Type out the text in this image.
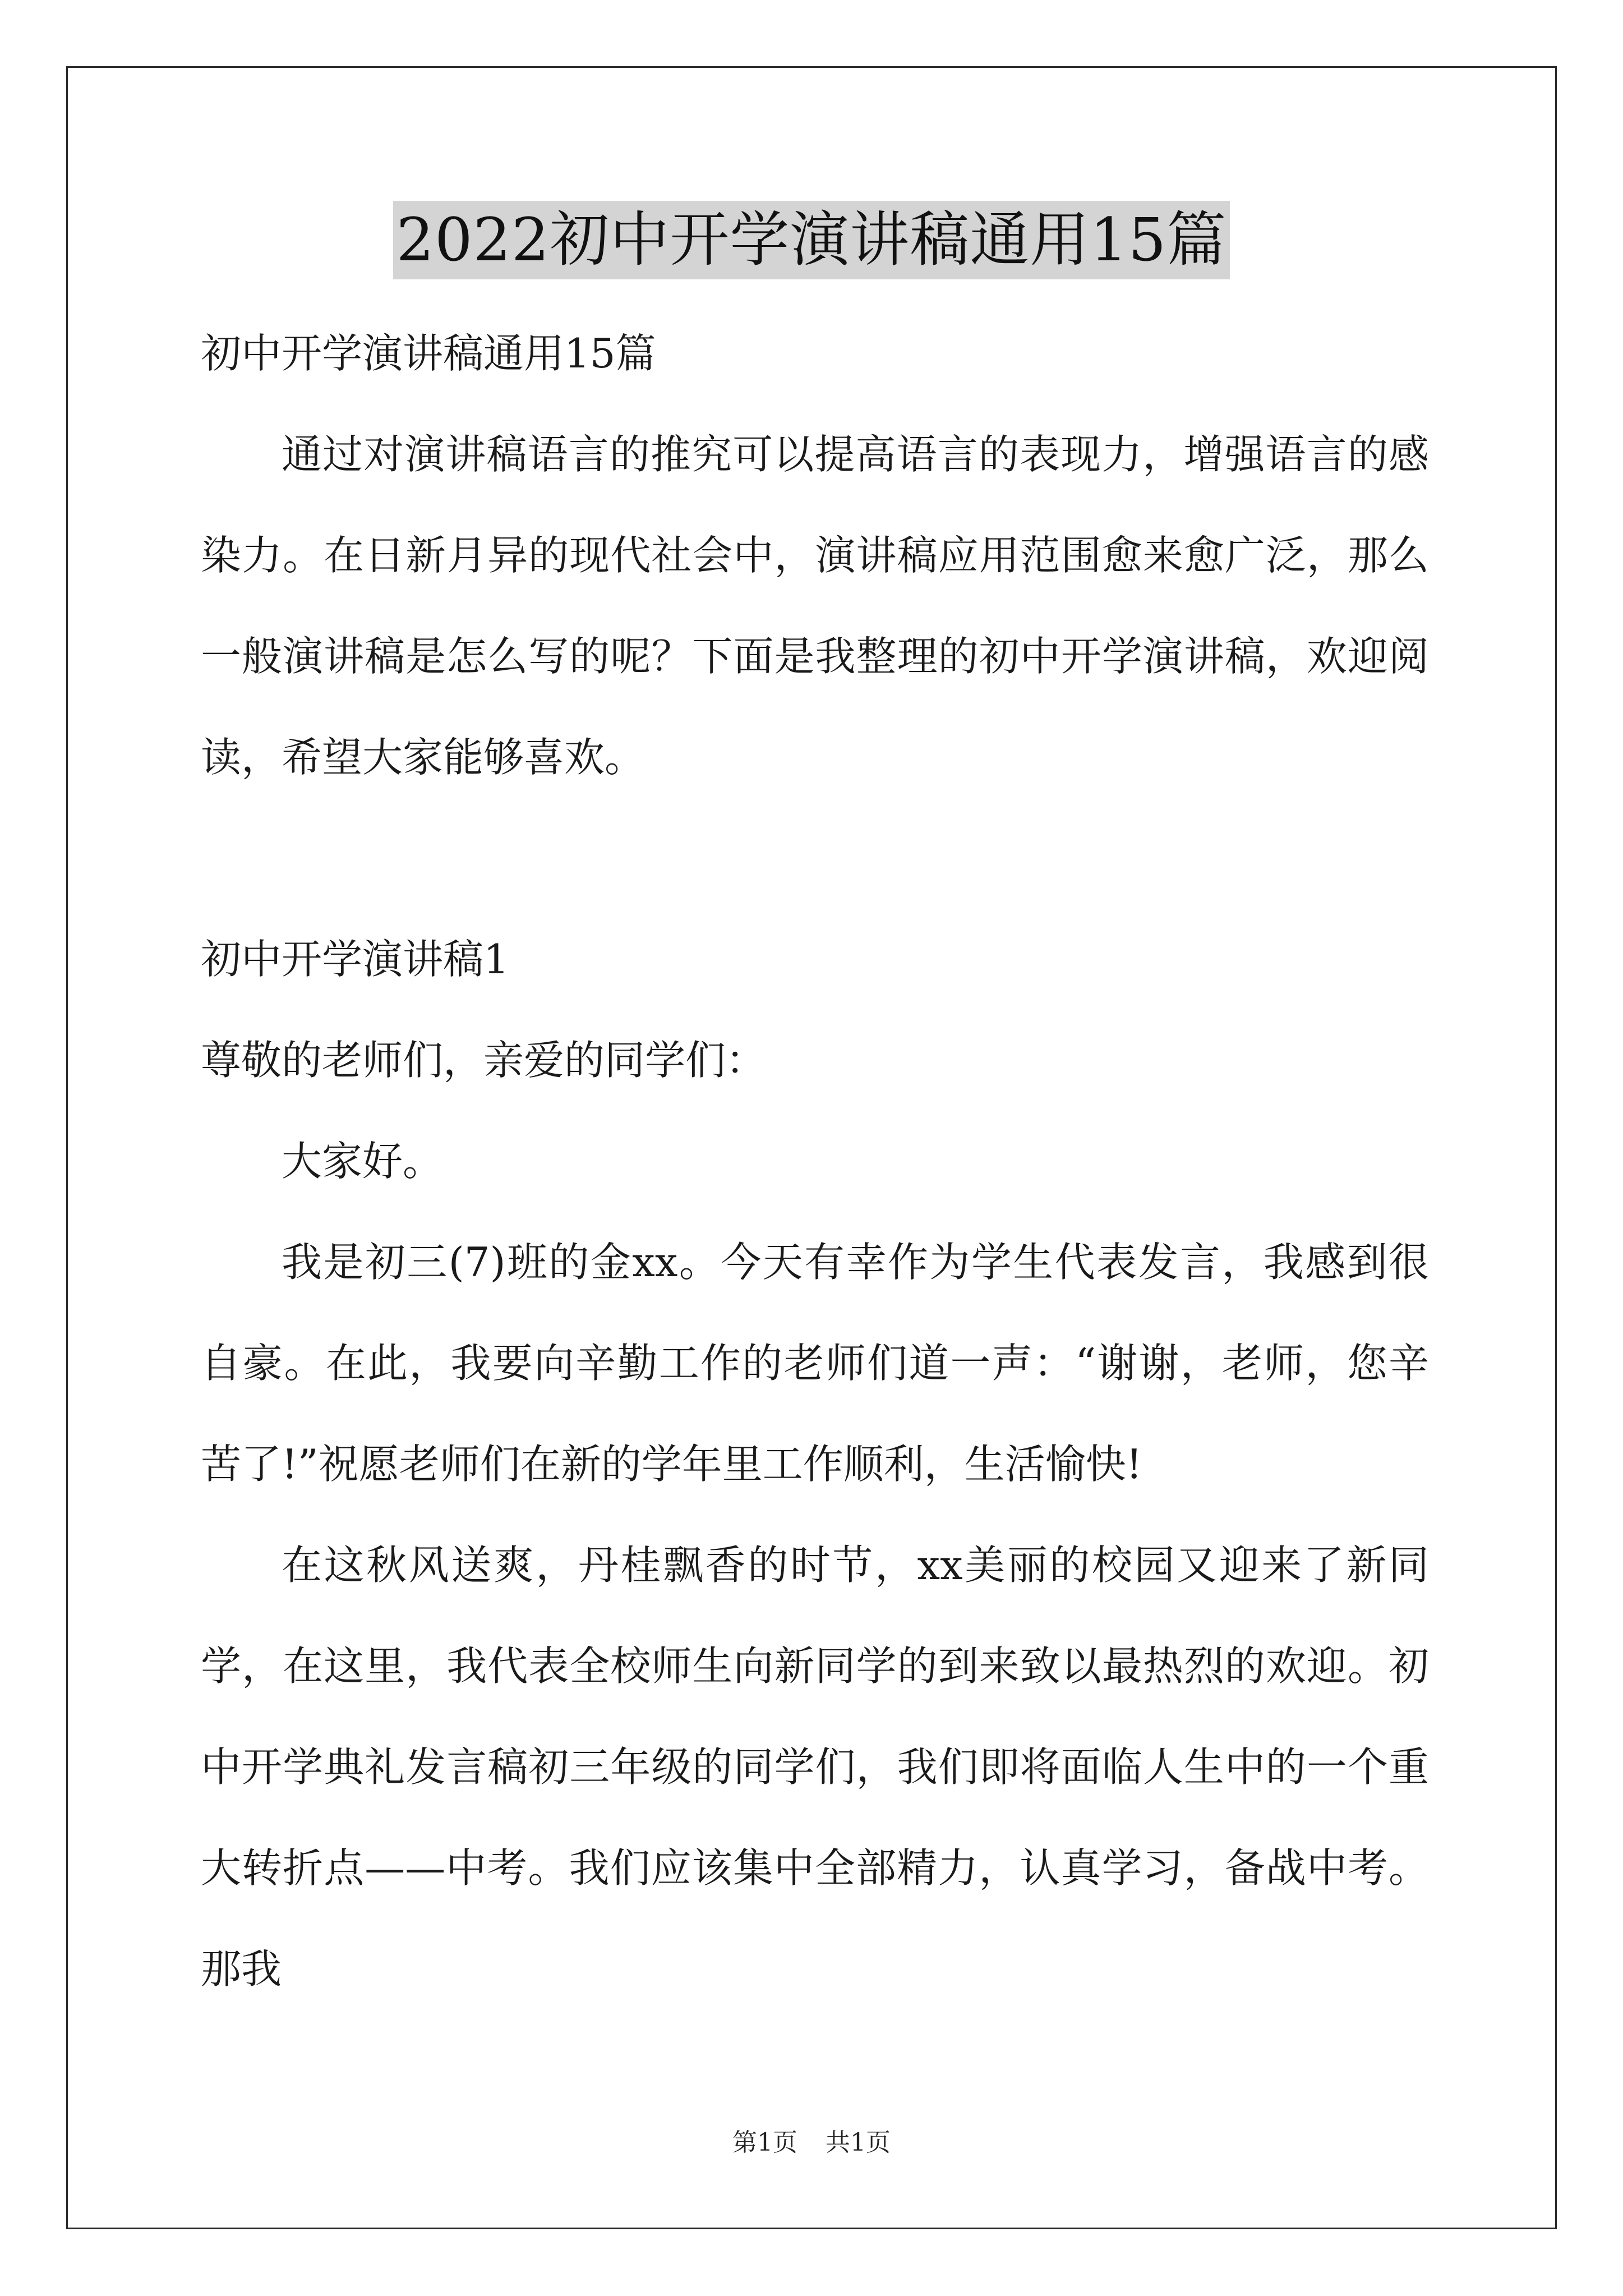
2022初中开学演讲稿通用15篇

初中开学演讲稿通用15篇

通过对演讲稿语言的推究可以提高语言的表现力，增强语言的感染力。在日新月异的现代社会中，演讲稿应用范围愈来愈广泛，那么一般演讲稿是怎么写的呢？下面是我整理的初中开学演讲稿，欢迎阅读，希望大家能够喜欢。

初中开学演讲稿1

尊敬的老师们，亲爱的同学们：

大家好。

我是初三(7)班的金xx。今天有幸作为学生代表发言，我感到很自豪。在此，我要向辛勤工作的老师们道一声：“谢谢，老师，您辛苦了!”祝愿老师们在新的学年里工作顺利，生活愉快!

在这秋风送爽，丹桂飘香的时节，xx美丽的校园又迎来了新同学，在这里，我代表全校师生向新同学的到来致以最热烈的欢迎。初中开学典礼发言稿初三年级的同学们，我们即将面临人生中的一个重大转折点——中考。我们应该集中全部精力，认真学习，备战中考。那我

第1页 共1页
